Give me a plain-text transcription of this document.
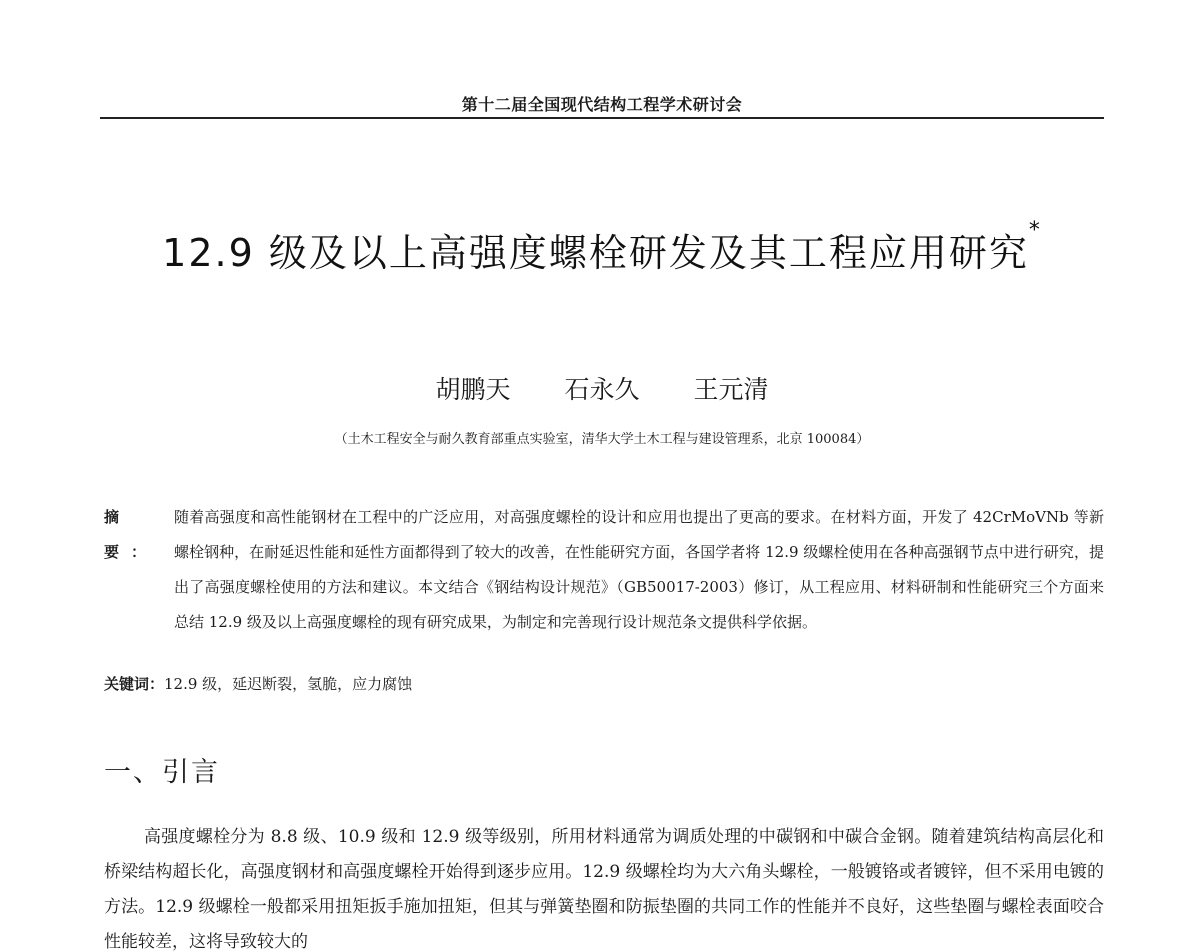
第十二届全国现代结构工程学术研讨会
12.9 级及以上高强度螺栓研发及其工程应用研究*
胡鹏天 石永久 王元清
（土木工程安全与耐久教育部重点实验室，清华大学土木工程与建设管理系，北京 100084）
摘 要：
随着高强度和高性能钢材在工程中的广泛应用，对高强度螺栓的设计和应用也提出了更高的要求。在材料方面，开发了 42CrMoVNb 等新螺栓钢种，在耐延迟性能和延性方面都得到了较大的改善，在性能研究方面，各国学者将 12.9 级螺栓使用在各种高强钢节点中进行研究，提出了高强度螺栓使用的方法和建议。本文结合《钢结构设计规范》（GB50017-2003）修订，从工程应用、材料研制和性能研究三个方面来总结 12.9 级及以上高强度螺栓的现有研究成果，为制定和完善现行设计规范条文提供科学依据。
关键词：12.9 级，延迟断裂，氢脆，应力腐蚀
一、引言
高强度螺栓分为 8.8 级、10.9 级和 12.9 级等级别，所用材料通常为调质处理的中碳钢和中碳合金钢。随着建筑结构高层化和桥梁结构超长化，高强度钢材和高强度螺栓开始得到逐步应用。12.9 级螺栓均为大六角头螺栓，一般镀铬或者镀锌，但不采用电镀的方法。12.9 级螺栓一般都采用扭矩扳手施加扭矩，但其与弹簧垫圈和防振垫圈的共同工作的性能并不良好，这些垫圈与螺栓表面咬合性能较差，这将导致较大的
